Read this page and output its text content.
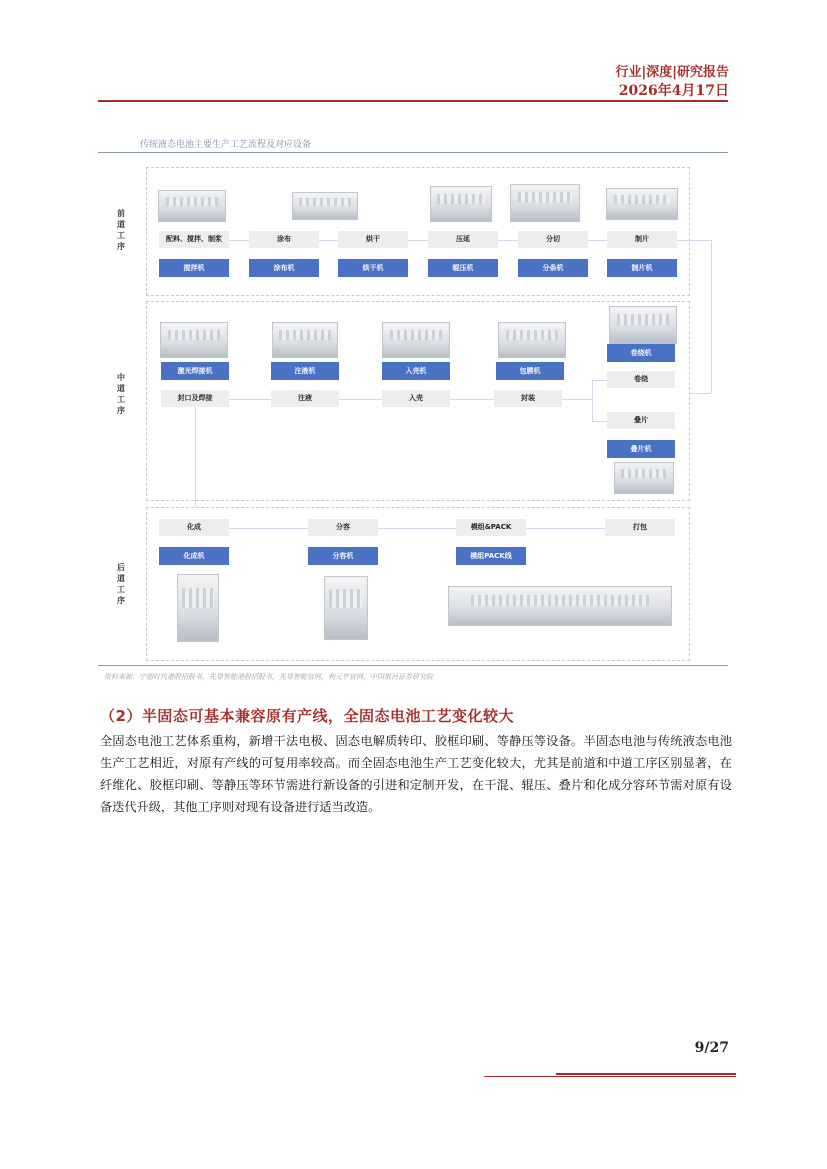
行业|深度|研究报告
2026年4月17日
传统液态电池主要生产工艺流程及对应设备
前道工序
配料、搅拌、制浆	涂布	烘干	压延	分切	制片
搅拌机	涂布机	烘干机	辊压机	分条机	制片机
中道工序
激光焊接机	注液机	入壳机	包膜机
卷绕机
封口及焊接	注液	入壳	封装
卷绕
叠片
叠片机
后道工序
化成	分容	模组&PACK	打包
化成机	分容机	模组PACK线
资料来源：宁德时代港股招股书，先导智能港股招股书，先导智能官网，利元亨官网，中国银河证券研究院
（2）半固态可基本兼容原有产线，全固态电池工艺变化较大
全固态电池工艺体系重构，新增干法电极、固态电解质转印、胶框印刷、等静压等设备。半固态电池与传统液态电池生产工艺相近，对原有产线的可复用率较高。而全固态电池生产工艺变化较大，尤其是前道和中道工序区别显著，在纤维化、胶框印刷、等静压等环节需进行新设备的引进和定制开发，在干混、辊压、叠片和化成分容环节需对原有设备迭代升级，其他工序则对现有设备进行适当改造。
9/27
